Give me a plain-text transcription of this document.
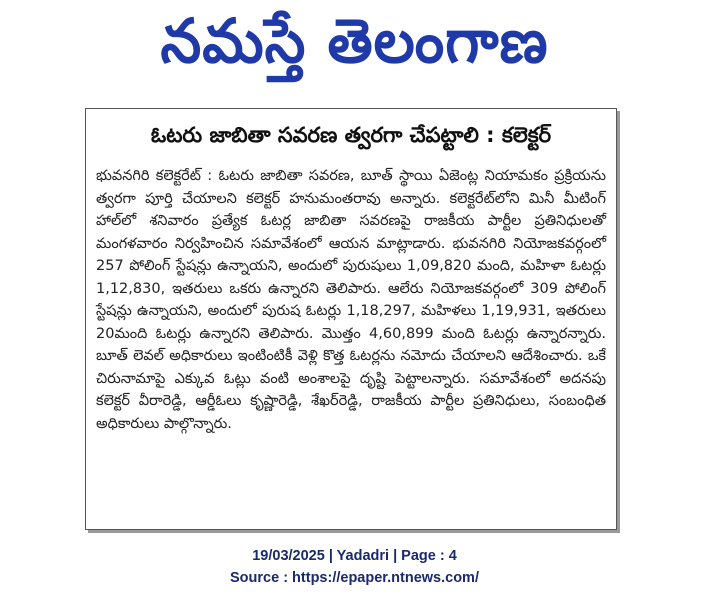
నమస్తే తెలంగాణ
ఓటరు జాబితా సవరణ త్వరగా చేపట్టాలి : కలెక్టర్

భువనగిరి కలెక్టరేట్ : ఓటరు జాబితా సవరణ, బూత్ స్థాయి ఏజెంట్ల నియామకం ప్రక్రియను త్వరగా పూర్తి చేయాలని కలెక్టర్ హనుమంతరావు అన్నారు. కలెక్టరేట్‌లోని మినీ మీటింగ్ హాల్‌లో శనివారం ప్రత్యేక ఓటర్ల జాబితా సవరణపై రాజకీయ పార్టీల ప్రతినిధులతో మంగళవారం నిర్వహించిన సమావేశంలో ఆయన మాట్లాడారు. భువనగిరి నియోజకవర్గంలో 257 పోలింగ్ స్టేషన్లు ఉన్నాయని, అందులో పురుషులు 1,09,820 మంది, మహిళా ఓటర్లు 1,12,830, ఇతరులు ఒకరు ఉన్నారని తెలిపారు. ఆలేరు నియోజకవర్గంలో 309 పోలింగ్ స్టేషన్లు ఉన్నాయని, అందులో పురుష ఓటర్లు 1,18,297, మహిళలు 1,19,931, ఇతరులు 20మంది ఓటర్లు ఉన్నారని తెలిపారు. మొత్తం 4,60,899 మంది ఓటర్లు ఉన్నారన్నారు. బూత్ లెవల్ అధికారులు ఇంటింటికీ వెళ్లి కొత్త ఓటర్లను నమోదు చేయాలని ఆదేశించారు. ఒకే చిరునామాపై ఎక్కువ ఓట్లు వంటి అంశాలపై దృష్టి పెట్టాలన్నారు. సమావేశంలో అదనపు కలెక్టర్ వీరారెడ్డి, ఆర్డీఓలు కృష్ణారెడ్డి, శేఖర్‌రెడ్డి, రాజకీయ పార్టీల ప్రతినిధులు, సంబంధిత అధికారులు పాల్గొన్నారు.

19/03/2025 | Yadadri | Page : 4
Source : https://epaper.ntnews.com/
